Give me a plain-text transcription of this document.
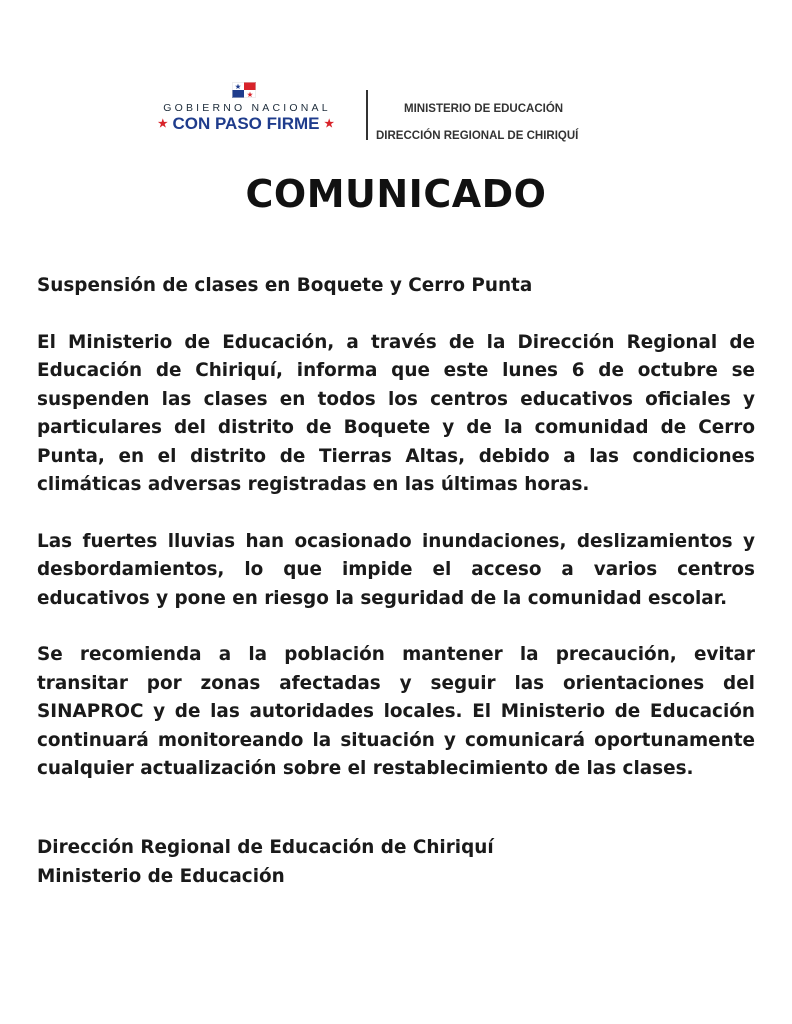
GOBIERNO NACIONAL
★ CON PASO FIRME ★
MINISTERIO DE EDUCACIÓN
DIRECCIÓN REGIONAL DE CHIRIQUÍ
COMUNICADO

Suspensión de clases en Boquete y Cerro Punta

El Ministerio de Educación, a través de la Dirección Regional de Educación de Chiriquí, informa que este lunes 6 de octubre se suspenden las clases en todos los centros educativos oficiales y particulares del distrito de Boquete y de la comunidad de Cerro Punta, en el distrito de Tierras Altas, debido a las condiciones climáticas adversas registradas en las últimas horas.

Las fuertes lluvias han ocasionado inundaciones, deslizamientos y desbordamientos, lo que impide el acceso a varios centros educativos y pone en riesgo la seguridad de la comunidad escolar.

Se recomienda a la población mantener la precaución, evitar transitar por zonas afectadas y seguir las orientaciones del SINAPROC y de las autoridades locales. El Ministerio de Educación continuará monitoreando la situación y comunicará oportunamente cualquier actualización sobre el restablecimiento de las clases.

Dirección Regional de Educación de Chiriquí
Ministerio de Educación
